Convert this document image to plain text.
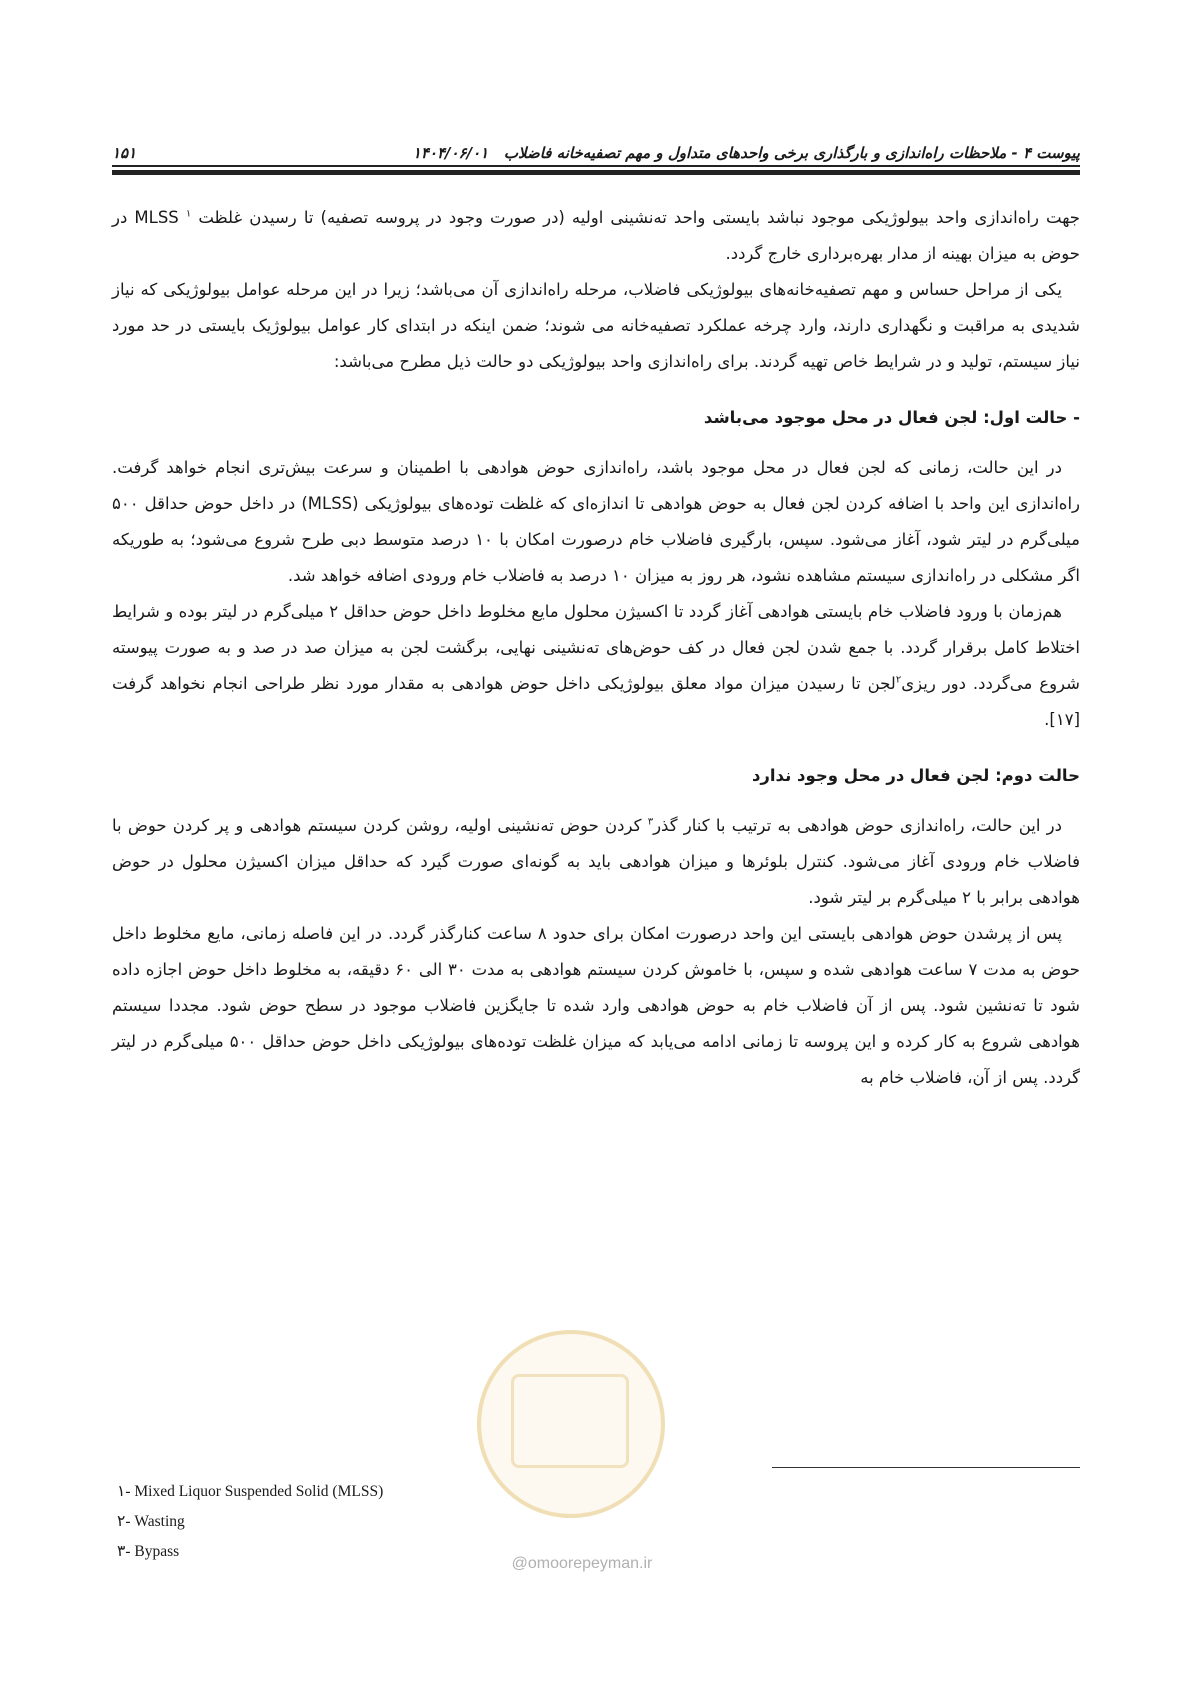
پیوست ۴ - ملاحظات راه‌اندازی و بارگذاری برخی واحدهای متداول و مهم تصفیه‌خانه فاضلاب   ۱۴۰۴/۰۶/۰۱
۱۵۱

جهت راه‌اندازی واحد بیولوژیکی موجود نباشد بایستی واحد ته‌نشینی اولیه (در صورت وجود در پروسه تصفیه) تا رسیدن غلظت MLSS $^۱$ در حوض به میزان بهینه از مدار بهره‌برداری خارج گردد.

یکی از مراحل حساس و مهم تصفیه‌خانه‌های بیولوژیکی فاضلاب، مرحله راه‌اندازی آن می‌باشد؛ زیرا در این مرحله عوامل بیولوژیکی که نیاز شدیدی به مراقبت و نگهداری دارند، وارد چرخه عملکرد تصفیه‌خانه می شوند؛ ضمن اینکه در ابتدای کار عوامل بیولوژیک بایستی در حد مورد نیاز سیستم، تولید و در شرایط خاص تهیه گردند. برای راه‌اندازی واحد بیولوژیکی دو حالت ذیل مطرح می‌باشد:

- حالت اول: لجن فعال در محل موجود می‌باشد

در این حالت، زمانی که لجن فعال در محل موجود باشد، راه‌اندازی حوض هوادهی با اطمینان و سرعت بیش‌تری انجام خواهد گرفت. راه‌اندازی این واحد با اضافه کردن لجن فعال به حوض هوادهی تا اندازه‌ای که غلظت توده‌های بیولوژیکی (MLSS) در داخل حوض حداقل ۵۰۰ میلی‌گرم در لیتر شود، آغاز می‌شود. سپس، بارگیری فاضلاب خام درصورت امکان با ۱۰ درصد متوسط دبی طرح شروع می‌شود؛ به طوریکه اگر مشکلی در راه‌اندازی سیستم مشاهده نشود، هر روز به میزان ۱۰ درصد به فاضلاب خام ورودی اضافه خواهد شد.

هم‌زمان با ورود فاضلاب خام بایستی هوادهی آغاز گردد تا اکسیژن محلول مایع مخلوط داخل حوض حداقل ۲ میلی‌گرم در لیتر بوده و شرایط اختلاط کامل برقرار گردد. با جمع شدن لجن فعال در کف حوض‌های ته‌نشینی نهایی، برگشت لجن به میزان صد در صد و به صورت پیوسته شروع می‌گردد. دور ریزی$^۲$لجن تا رسیدن میزان مواد معلق بیولوژیکی داخل حوض هوادهی به مقدار مورد نظر طراحی انجام نخواهد گرفت [۱۷].

حالت دوم: لجن فعال در محل وجود ندارد

در این حالت، راه‌اندازی حوض هوادهی به ترتیب با کنار گذر$^۳$ کردن حوض ته‌نشینی اولیه، روشن کردن سیستم هوادهی و پر کردن حوض با فاضلاب خام ورودی آغاز می‌شود. کنترل بلوئرها و میزان هوادهی باید به گونه‌ای صورت گیرد که حداقل میزان اکسیژن محلول در حوض هوادهی برابر با ۲ میلی‌گرم بر لیتر شود.

پس از پرشدن حوض هوادهی بایستی این واحد درصورت امکان برای حدود ۸ ساعت کنارگذر گردد. در این فاصله زمانی، مایع مخلوط داخل حوض به مدت ۷ ساعت هوادهی شده و سپس، با خاموش کردن سیستم هوادهی به مدت ۳۰ الی ۶۰ دقیقه، به مخلوط داخل حوض اجازه داده شود تا ته‌نشین شود. پس از آن فاضلاب خام به حوض هوادهی وارد شده تا جایگزین فاضلاب موجود در سطح حوض شود. مجددا سیستم هوادهی شروع به کار کرده و این پروسه تا زمانی ادامه می‌یابد که میزان غلظت توده‌های بیولوژیکی داخل حوض حداقل ۵۰۰ میلی‌گرم در لیتر گردد. پس از آن، فاضلاب خام به

۱- Mixed Liquor Suspended Solid (MLSS)
۲- Wasting
۳- Bypass
@omoorepeyman.ir
